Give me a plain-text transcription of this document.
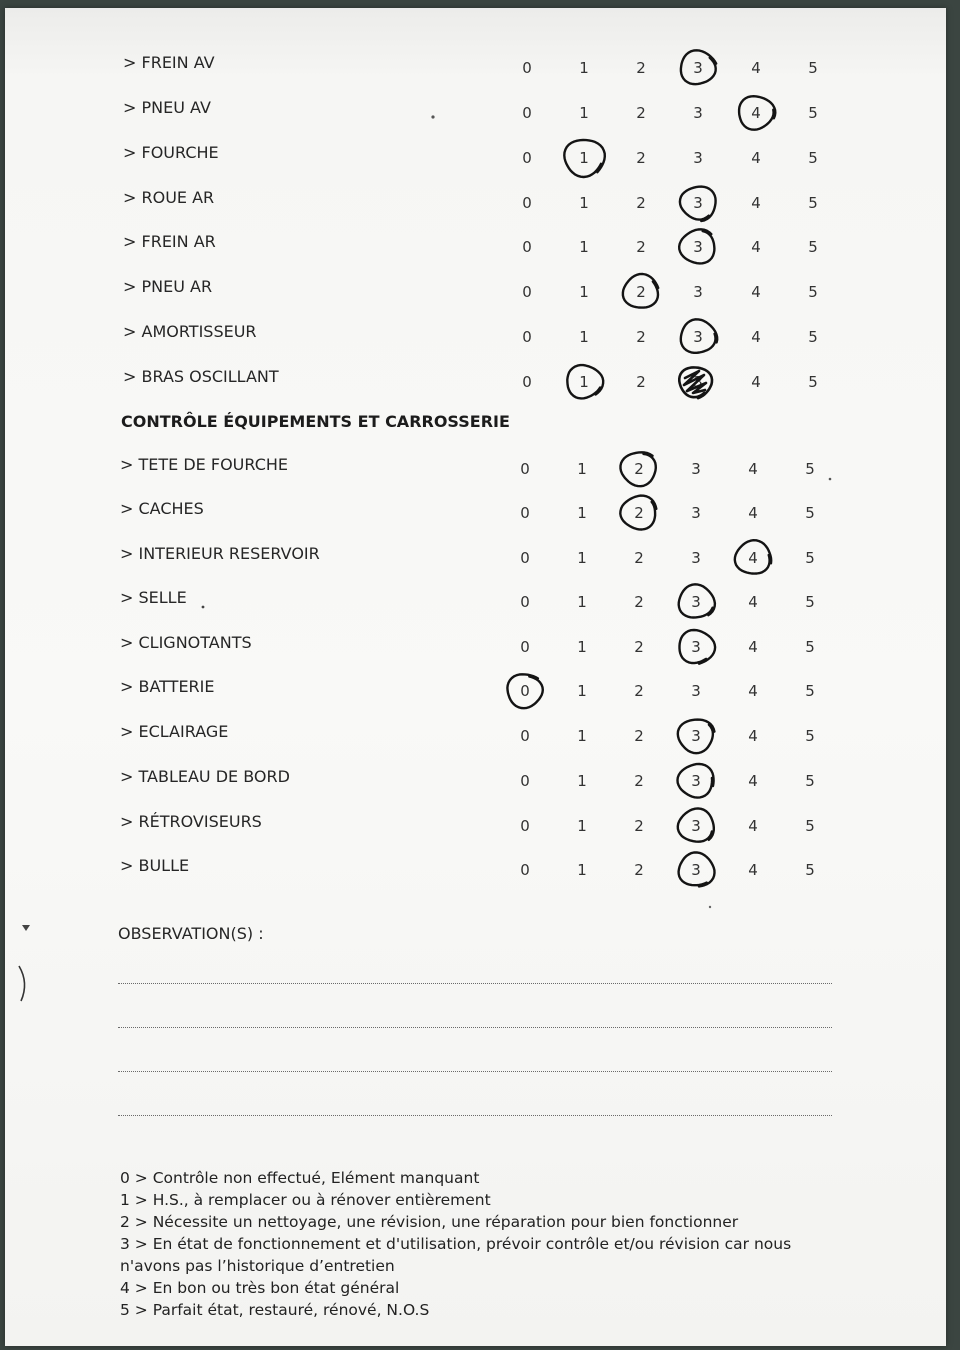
> FREIN AV	0	1	2	3	4	5
> PNEU AV	0	1	2	3	4	5
> FOURCHE	0	1	2	3	4	5
> ROUE AR	0	1	2	3	4	5
> FREIN AR	0	1	2	3	4	5
> PNEU AR	0	1	2	3	4	5
> AMORTISSEUR	0	1	2	3	4	5
> BRAS OSCILLANT	0	1	2	3	4	5
CONTRÔLE ÉQUIPEMENTS ET CARROSSERIE
> TETE DE FOURCHE	0	1	2	3	4	5
> CACHES	0	1	2	3	4	5
> INTERIEUR RESERVOIR	0	1	2	3	4	5
> SELLE	0	1	2	3	4	5
> CLIGNOTANTS	0	1	2	3	4	5
> BATTERIE	0	1	2	3	4	5
> ECLAIRAGE	0	1	2	3	4	5
> TABLEAU DE BORD	0	1	2	3	4	5
> RÉTROVISEURS	0	1	2	3	4	5
> BULLE	0	1	2	3	4	5
OBSERVATION(S) :
0 > Contrôle non effectué, Elément manquant
1 > H.S., à remplacer ou à rénover entièrement
2 > Nécessite un nettoyage, une révision, une réparation pour bien fonctionner
3 > En état de fonctionnement et d'utilisation, prévoir contrôle et/ou révision car nous n'avons pas l’historique d’entretien
4 > En bon ou très bon état général
5 > Parfait état, restauré, rénové, N.O.S
